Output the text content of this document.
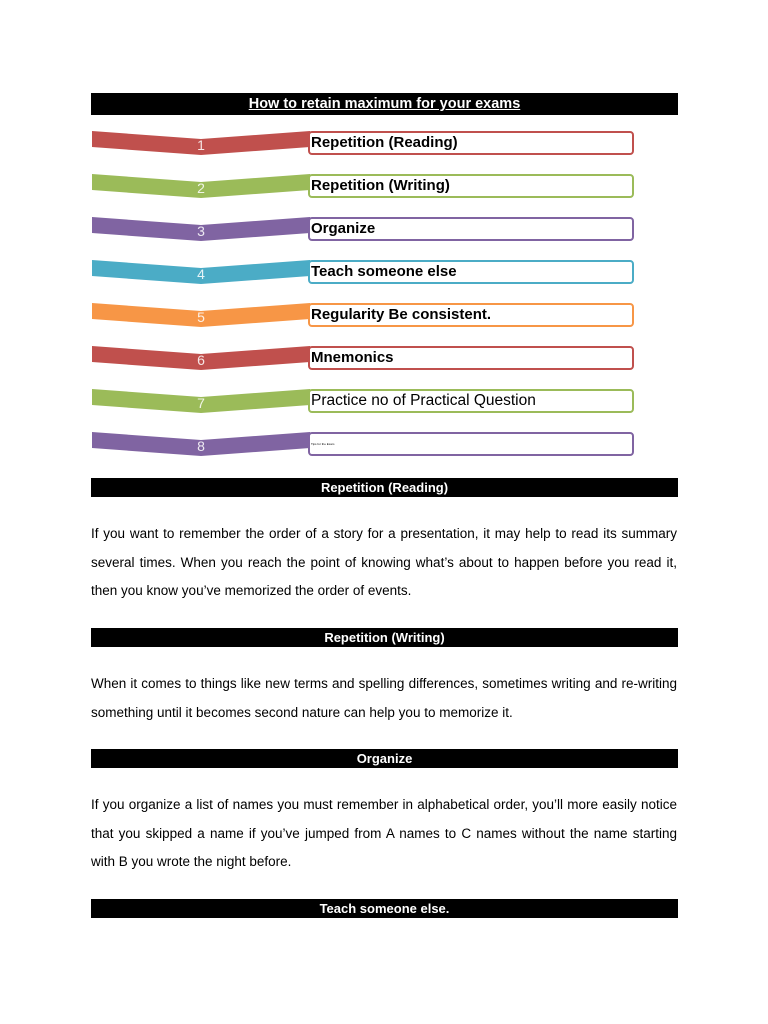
How to retain maximum for your exams
1	Repetition (Reading)
2	Repetition (Writing)
3	Organize
4	Teach someone else
5	Regularity Be consistent.
6	Mnemonics
7	Practice no of Practical Question
8	Tips for the Exam
Repetition (Reading)

If you want to remember the order of a story for a presentation, it may help to read its summary several times. When you reach the point of knowing what’s about to happen before you read it, then you know you’ve memorized the order of events.

Repetition (Writing)

When it comes to things like new terms and spelling differences, sometimes writing and re-writing something until it becomes second nature can help you to memorize it.

Organize

If you organize a list of names you must remember in alphabetical order, you’ll more easily notice that you skipped a name if you’ve jumped from A names to C names without the name starting with B you wrote the night before.

Teach someone else.
